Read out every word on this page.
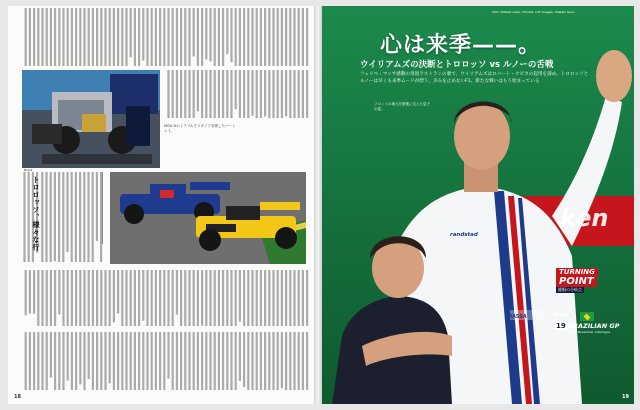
MGU-Hのトラブルでリタイアを喫したハートレイ。
Brazil
トロロッソ、様々な行
18
Text: Hideaki Gaan / Photos: LAT Images, Hideaki Gaan
心は来季——。
ウイリアムズの決断とトロロッソ vs ルノーの舌戦
フェリペ・マッサ感動の母国ラストランの裏で、ウイリアムズはロバート・クビカの起用を諦め、トロロッソとルノーは早くも来季ムードが漂う。歩みを止めないF1。新たな戦いはもう始まっている
フロントの地元を最後に支えた息子の姿。
ken
randstad
MASSA
TURNING
POINT
鍵眼の分岐点
Round
19 BRAZILIAN GP
12-10 November, Interlagos
19
